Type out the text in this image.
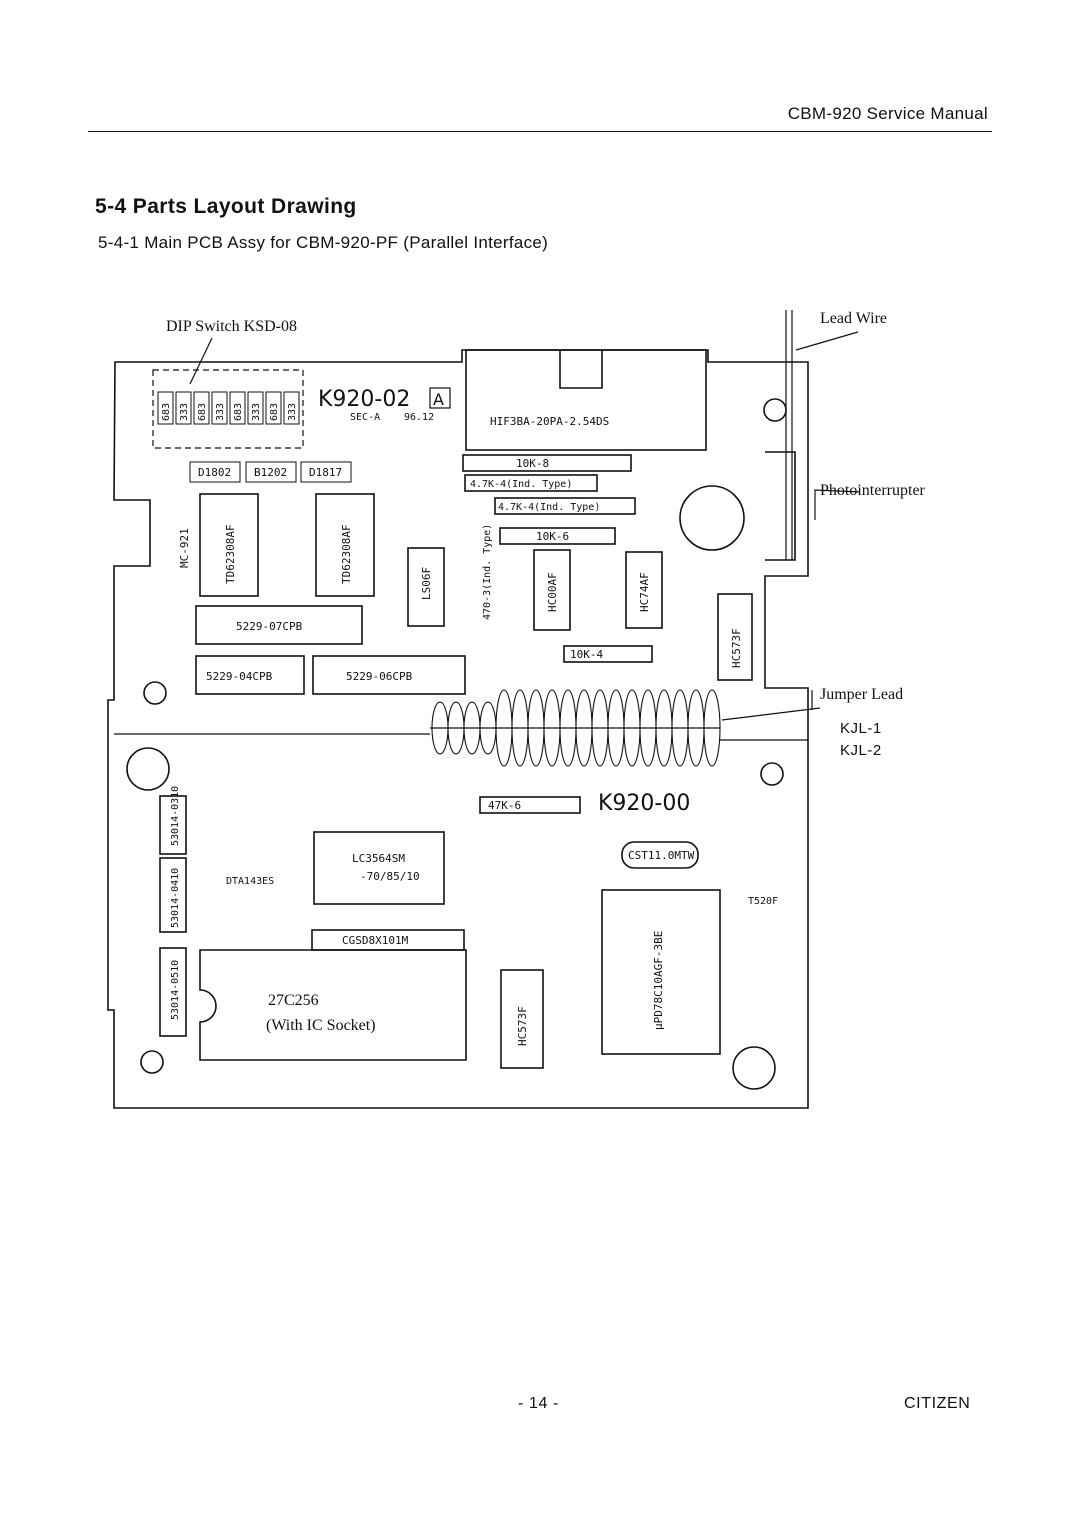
CBM-920 Service Manual
5-4 Parts Layout Drawing
5-4-1 Main PCB Assy for CBM-920-PF (Parallel Interface)
683 333 683 333 683 333 683 333 K920-02 A
SEC-A 96.12	HIF3BA-20PA-2.54DS
K920-00
D1802 B1202 D1817
10K-8
4.7K-4(Ind. Type)
4.7K-4(Ind. Type)
10K-6
10K-4
47K-6
470-3(Ind. Type)
TD62308AF	TD62308AF	LS06F	HC00AF	HC74AF
HC573F
HC573F	μPD78C10AGF-3BE
MC-921
LC3564SM
-70/85/10
CGSD8X101M
CST11.0MTW
T520F
DTA143ES
5229-07CPB
5229-04CPB	5229-06CPB
53014-0310
53014-0410
53014-0510
DIP Switch KSD-08	Lead Wire
Photointerrupter
Jumper Lead
KJL-1
KJL-2
27C256
(With IC Socket)
- 14 -	CITIZEN
